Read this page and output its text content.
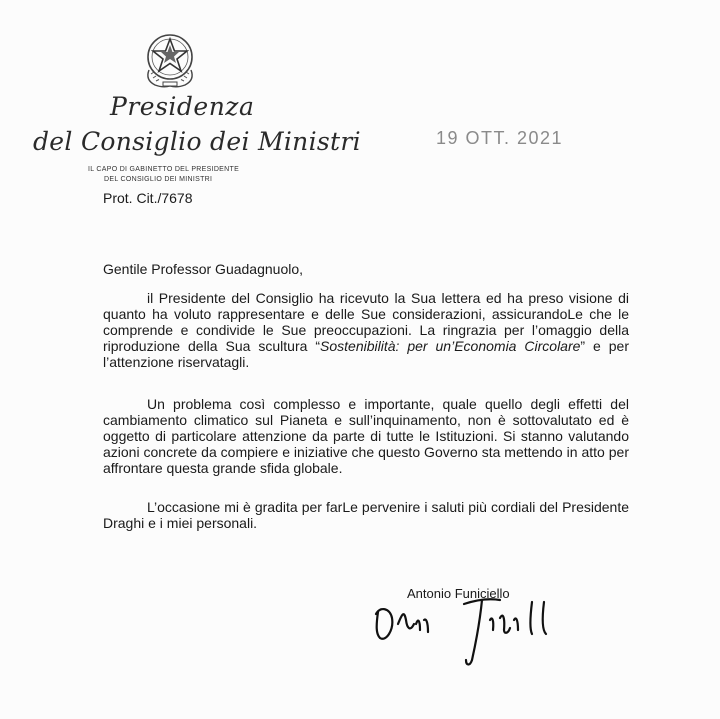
Presidenza
del Consiglio dei Ministri
IL CAPO DI GABINETTO DEL PRESIDENTE
DEL CONSIGLIO DEI MINISTRI
Prot. Cit./7678
19 OTT. 2021
Gentile Professor Guadagnuolo,

il Presidente del Consiglio ha ricevuto la Sua lettera ed ha preso visione di quanto ha voluto rappresentare e delle Sue considerazioni, assicurandoLe che le comprende e condivide le Sue preoccupazioni. La ringrazia per l’omaggio della riproduzione della Sua scultura “Sostenibilità: per un’Economia Circolare” e per l’attenzione riservatagli.

Un problema così complesso e importante, quale quello degli effetti del cambiamento climatico sul Pianeta e sull’inquinamento, non è sottovalutato ed è oggetto di particolare attenzione da parte di tutte le Istituzioni. Si stanno valutando azioni concrete da compiere e iniziative che questo Governo sta mettendo in atto per affrontare questa grande sfida globale.

L’occasione mi è gradita per farLe pervenire i saluti più cordiali del Presidente Draghi e i miei personali.

Antonio Funiciello
